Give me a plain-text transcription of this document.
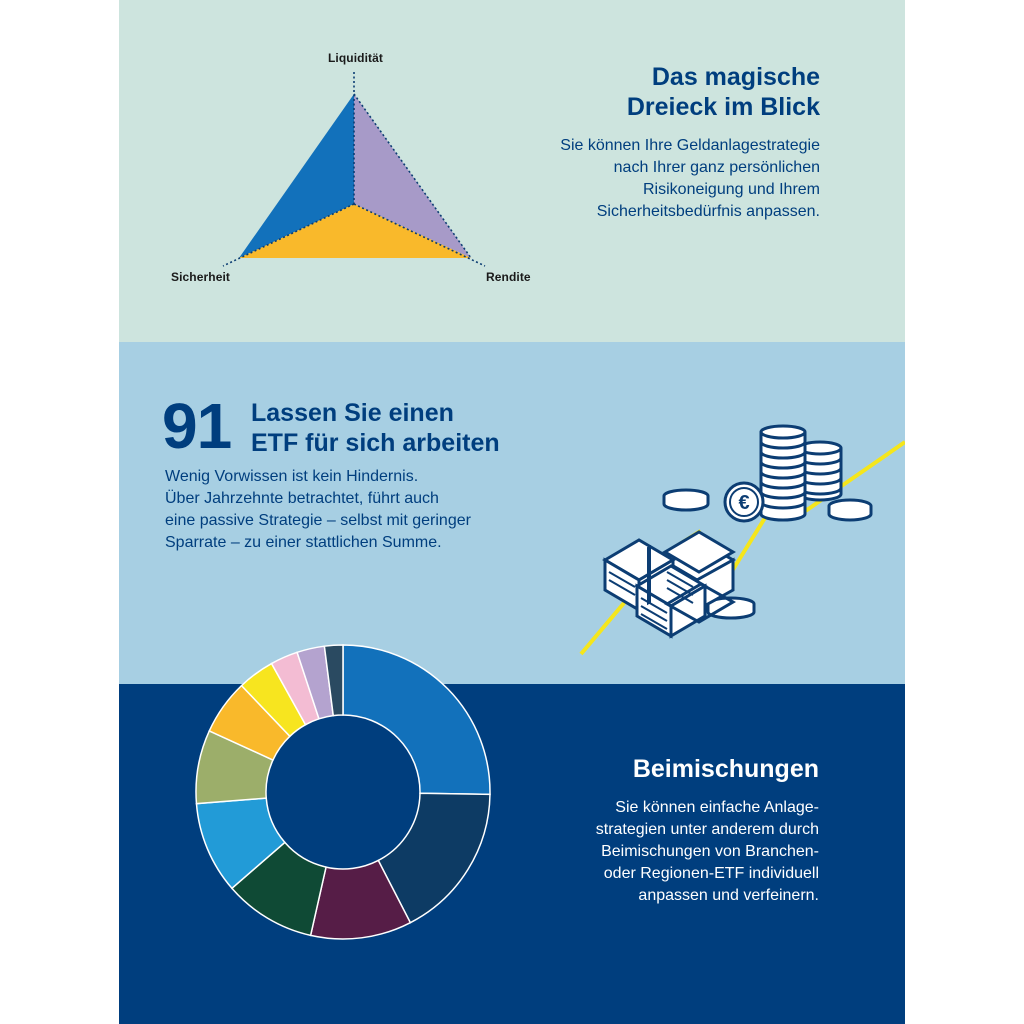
Liquidität
Sicherheit	Rendite
Das magische
Dreieck im Blick
Sie können Ihre Geldanlagestrategie
nach Ihrer ganz persönlichen
Risikoneigung und Ihrem
Sicherheitsbedürfnis anpassen.
91 Lassen Sie einen
ETF für sich arbeiten
Wenig Vorwissen ist kein Hindernis.
Über Jahrzehnte betrachtet, führt auch
eine passive Strategie – selbst mit geringer
Sparrate – zu einer stattlichen Summe.
€
Beimischungen
Sie können einfache Anlage-
strategien unter anderem durch
Beimischungen von Branchen-
oder Regionen-ETF individuell
anpassen und verfeinern.
